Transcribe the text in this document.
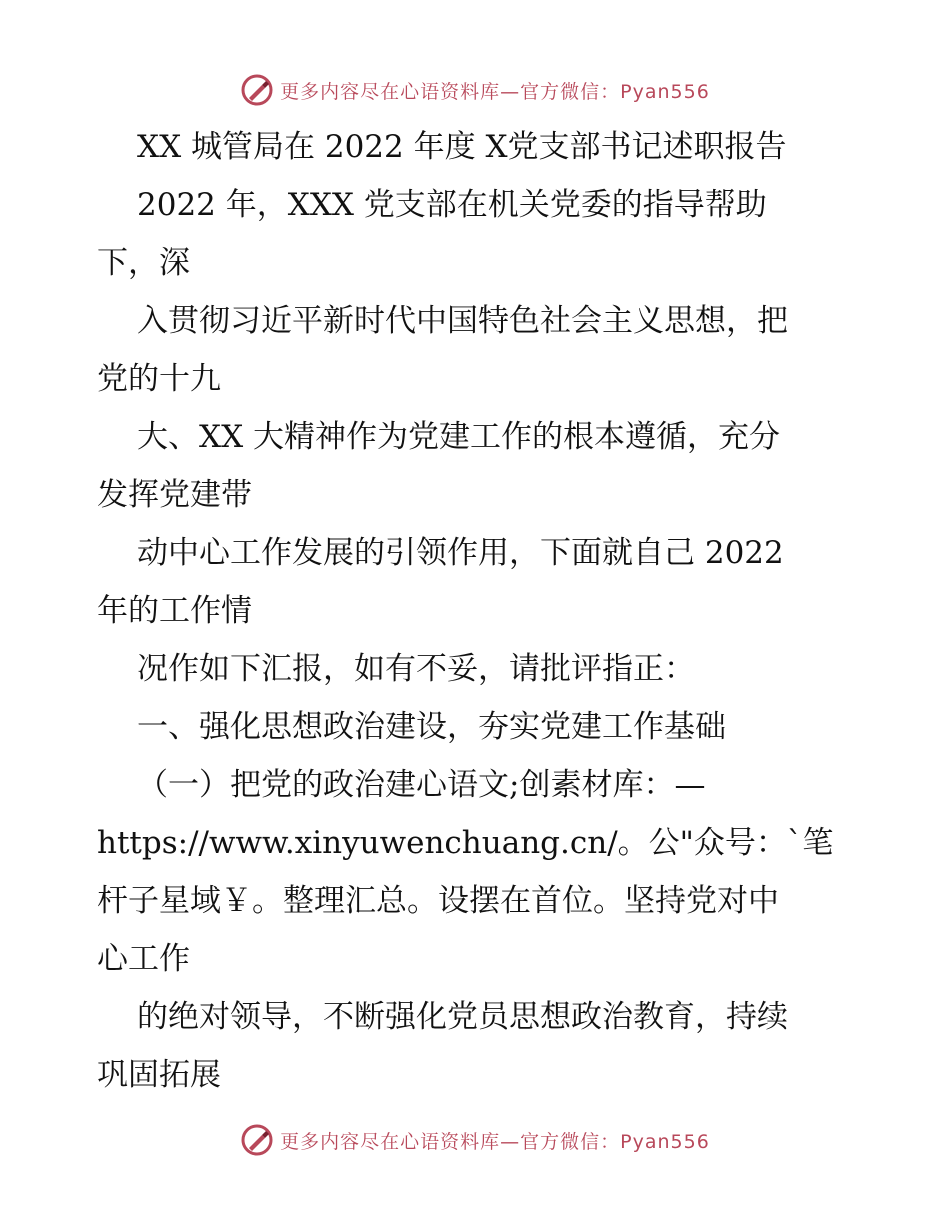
更多内容尽在心语资料库—官方微信：Pyan556
XX 城管局在 2022 年度 X党支部书记述职报告
2022 年，XXX 党支部在机关党委的指导帮助
下，深
入贯彻习近平新时代中国特色社会主义思想，把
党的十九
大、XX 大精神作为党建工作的根本遵循，充分
发挥党建带
动中心工作发展的引领作用，下面就自己 2022
年的工作情
况作如下汇报，如有不妥，请批评指正：
一、强化思想政治建设，夯实党建工作基础
（一）把党的政治建心语文;创素材库：—
https://www.xinyuwenchuang.cn/。公"众号：`笔
杆子星域￥。整理汇总。设摆在首位。坚持党对中
心工作
的绝对领导，不断强化党员思想政治教育，持续
巩固拓展
更多内容尽在心语资料库—官方微信：Pyan556
